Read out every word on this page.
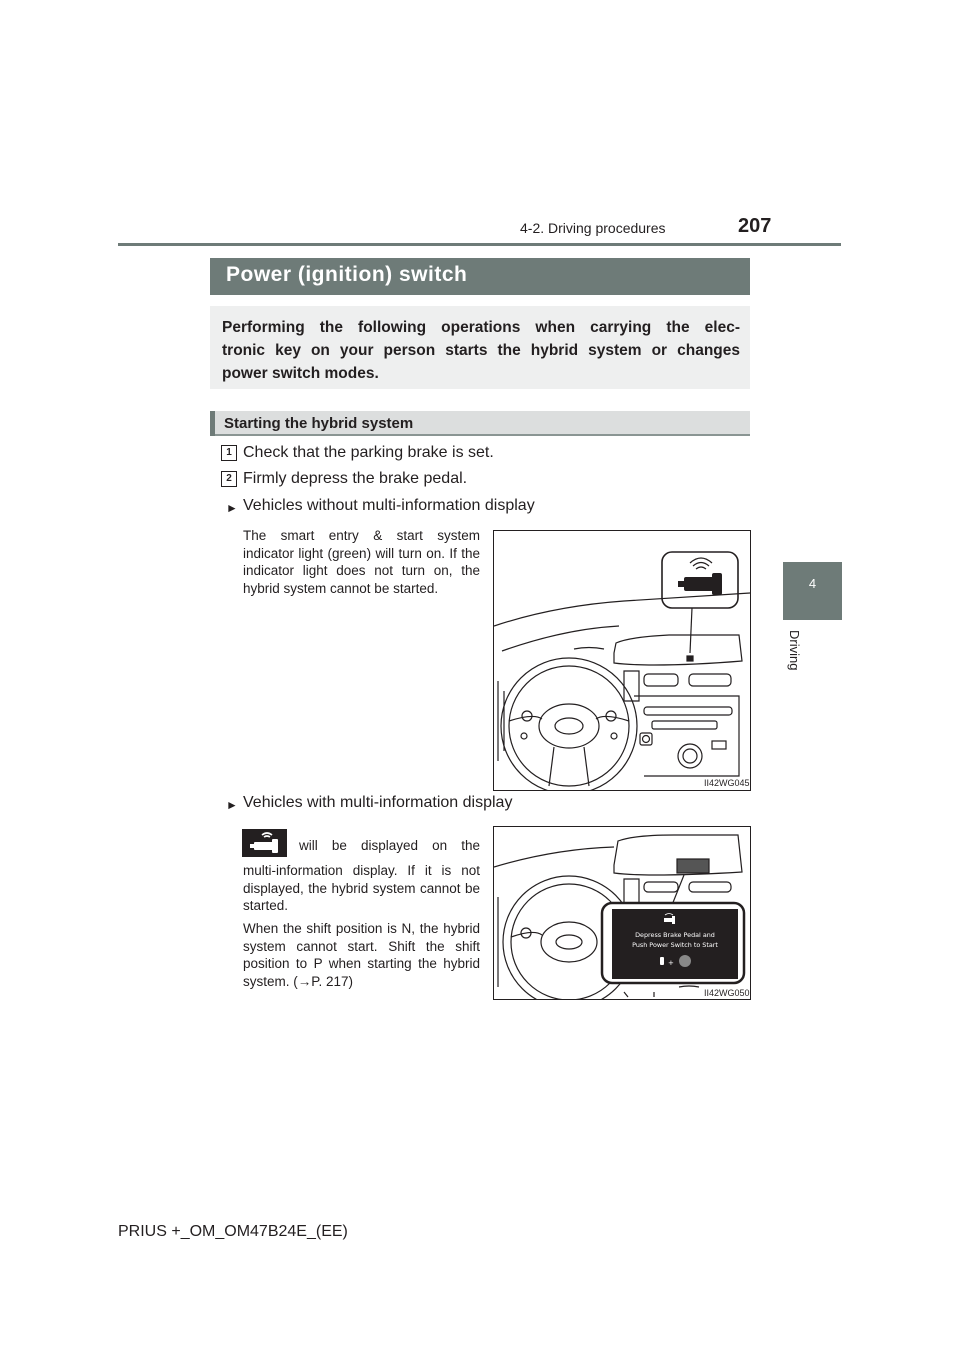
4-2. Driving procedures	207
4
Driving
Power (ignition) switch
Performing the following operations when carrying the elec-
tronic key on your person starts the hybrid system or changes
power switch modes.
Starting the hybrid system
1 Check that the parking brake is set.
2 Firmly depress the brake pedal.
► Vehicles without multi-information display
The smart entry & start system indicator light (green) will turn on. If the indicator light does not turn on, the hybrid system cannot be started.
II42WG045
► Vehicles with multi-information display
will be displayed on the
multi-information display. If it is not displayed, the hybrid system cannot be started.
When the shift position is N, the hybrid system cannot start. Shift the shift position to P when starting the hybrid system. (→P. 217)
Depress Brake Pedal and
Push Power Switch to Start
+
II42WG050
PRIUS +_OM_OM47B24E_(EE)
